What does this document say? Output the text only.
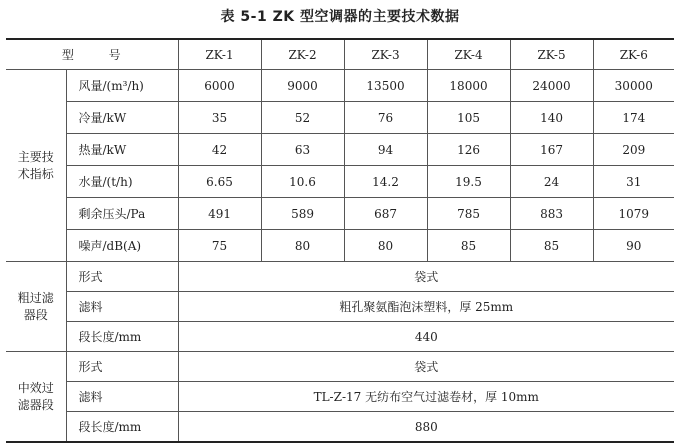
表 5-1 ZK 型空调器的主要技术数据
型       号		ZK-1	ZK-2	ZK-3	ZK-4	ZK-5	ZK-6

主要技
术指标	风量/(m³/h)	6000	9000	13500	18000	24000	30000
	冷量/kW	35	52	76	105	140	174
	热量/kW	42	63	94	126	167	209
	水量/(t/h)	6.65	10.6	14.2	19.5	24	31
	剩余压头/Pa	491	589	687	785	883	1079
	噪声/dB(A)	75	80	80	85	85	90

粗过滤
器段	形式	袋式					
	滤料	粗孔聚氨酯泡沫塑料，厚 25mm					
	段长度/mm	440					

中效过
滤器段	形式	袋式					
	滤料	TL-Z-17 无纺布空气过滤卷材，厚 10mm					
	段长度/mm	880					
